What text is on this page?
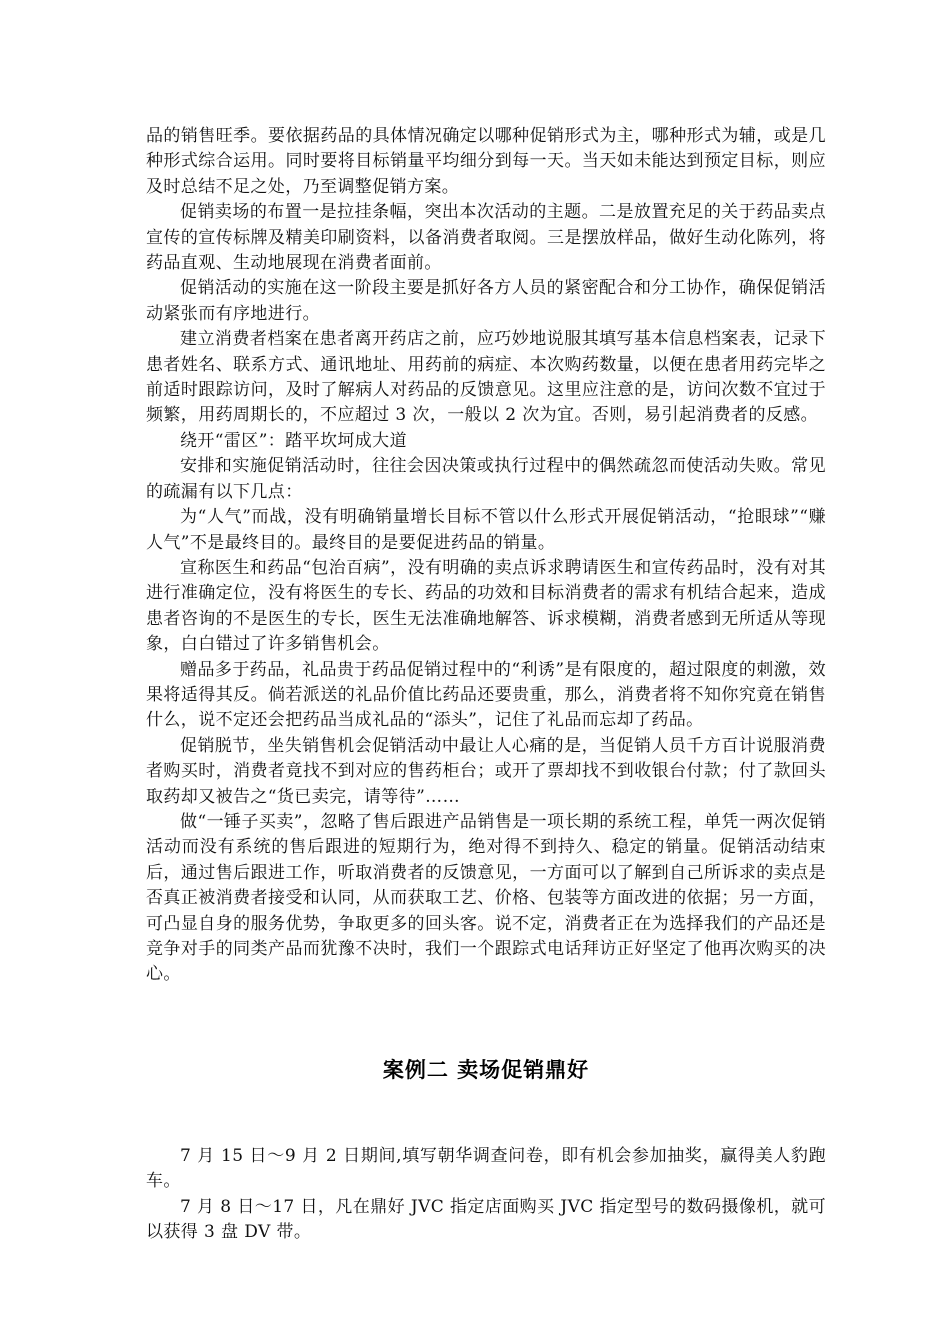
品的销售旺季。要依据药品的具体情况确定以哪种促销形式为主，哪种形式为辅，或是几种形式综合运用。同时要将目标销量平均细分到每一天。当天如未能达到预定目标，则应及时总结不足之处，乃至调整促销方案。

促销卖场的布置一是拉挂条幅，突出本次活动的主题。二是放置充足的关于药品卖点宣传的宣传标牌及精美印刷资料，以备消费者取阅。三是摆放样品，做好生动化陈列，将药品直观、生动地展现在消费者面前。

促销活动的实施在这一阶段主要是抓好各方人员的紧密配合和分工协作，确保促销活动紧张而有序地进行。

建立消费者档案在患者离开药店之前，应巧妙地说服其填写基本信息档案表，记录下患者姓名、联系方式、通讯地址、用药前的病症、本次购药数量，以便在患者用药完毕之前适时跟踪访问，及时了解病人对药品的反馈意见。这里应注意的是，访问次数不宜过于频繁，用药周期长的，不应超过 3 次，一般以 2 次为宜。否则，易引起消费者的反感。

绕开“雷区”：踏平坎坷成大道

安排和实施促销活动时，往往会因决策或执行过程中的偶然疏忽而使活动失败。常见的疏漏有以下几点：

为“人气”而战，没有明确销量增长目标不管以什么形式开展促销活动，“抢眼球”“赚人气”不是最终目的。最终目的是要促进药品的销量。

宣称医生和药品“包治百病”，没有明确的卖点诉求聘请医生和宣传药品时，没有对其进行准确定位，没有将医生的专长、药品的功效和目标消费者的需求有机结合起来，造成患者咨询的不是医生的专长，医生无法准确地解答、诉求模糊，消费者感到无所适从等现象，白白错过了许多销售机会。

赠品多于药品，礼品贵于药品促销过程中的“利诱”是有限度的，超过限度的刺激，效果将适得其反。倘若派送的礼品价值比药品还要贵重，那么，消费者将不知你究竟在销售什么，说不定还会把药品当成礼品的“添头”，记住了礼品而忘却了药品。

促销脱节，坐失销售机会促销活动中最让人心痛的是，当促销人员千方百计说服消费者购买时，消费者竟找不到对应的售药柜台；或开了票却找不到收银台付款；付了款回头取药却又被告之“货已卖完，请等待”……

做“一锤子买卖”，忽略了售后跟进产品销售是一项长期的系统工程，单凭一两次促销活动而没有系统的售后跟进的短期行为，绝对得不到持久、稳定的销量。促销活动结束后，通过售后跟进工作，听取消费者的反馈意见，一方面可以了解到自己所诉求的卖点是否真正被消费者接受和认同，从而获取工艺、价格、包装等方面改进的依据；另一方面，可凸显自身的服务优势，争取更多的回头客。说不定，消费者正在为选择我们的产品还是竞争对手的同类产品而犹豫不决时，我们一个跟踪式电话拜访正好坚定了他再次购买的决心。

案例二 卖场促销鼎好

7 月 15 日～9 月 2 日期间,填写朝华调查问卷，即有机会参加抽奖，赢得美人豹跑车。

7 月 8 日～17 日，凡在鼎好 JVC 指定店面购买 JVC 指定型号的数码摄像机，就可以获得 3 盘 DV 带。
